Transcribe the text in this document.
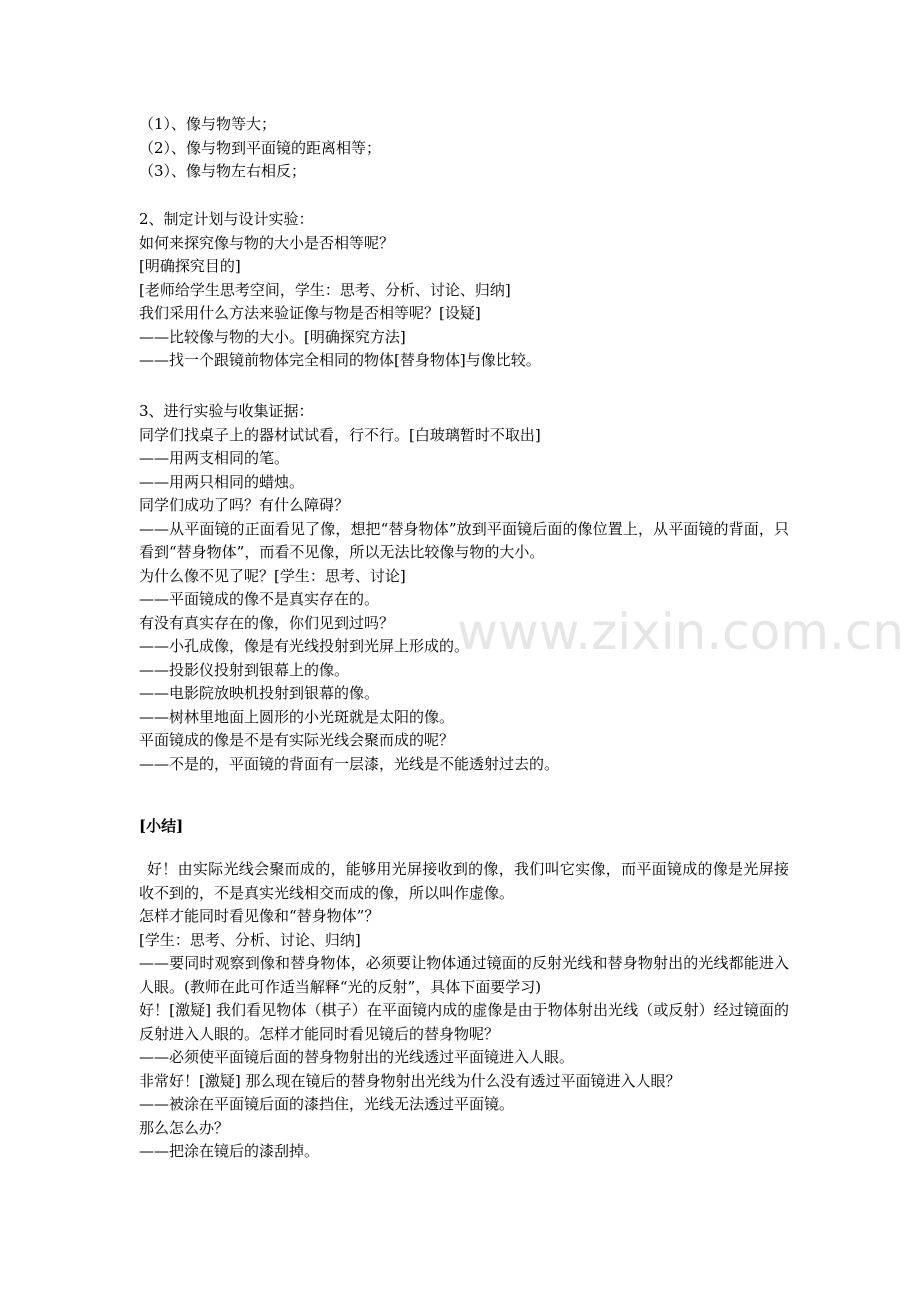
www.zixin.com.cn
（1）、像与物等大；
（2）、像与物到平面镜的距离相等；
（3）、像与物左右相反；
2、制定计划与设计实验：
如何来探究像与物的大小是否相等呢？
[明确探究目的]
[老师给学生思考空间，学生：思考、分析、讨论、归纳]
我们采用什么方法来验证像与物是否相等呢？[设疑]
——比较像与物的大小。[明确探究方法]
——找一个跟镜前物体完全相同的物体[替身物体]与像比较。
3、进行实验与收集证据：
同学们找桌子上的器材试试看，行不行。[白玻璃暂时不取出]
——用两支相同的笔。
——用两只相同的蜡烛。
同学们成功了吗？有什么障碍？
——从平面镜的正面看见了像，想把“替身物体”放到平面镜后面的像位置上，从平面镜的背面，只看到“替身物体”，而看不见像，所以无法比较像与物的大小。
为什么像不见了呢？[学生：思考、讨论]
——平面镜成的像不是真实存在的。
有没有真实存在的像，你们见到过吗？
——小孔成像，像是有光线投射到光屏上形成的。
——投影仪投射到银幕上的像。
——电影院放映机投射到银幕的像。
——树林里地面上圆形的小光斑就是太阳的像。
平面镜成的像是不是有实际光线会聚而成的呢？
——不是的，平面镜的背面有一层漆，光线是不能透射过去的。
[小结]
好！由实际光线会聚而成的，能够用光屏接收到的像，我们叫它实像，而平面镜成的像是光屏接收不到的，不是真实光线相交而成的像，所以叫作虚像。
怎样才能同时看见像和“替身物体”？
[学生：思考、分析、讨论、归纳]
——要同时观察到像和替身物体，必须要让物体通过镜面的反射光线和替身物射出的光线都能进入人眼。(教师在此可作适当解释“光的反射”，具体下面要学习)
好！[激疑] 我们看见物体（棋子）在平面镜内成的虚像是由于物体射出光线（或反射）经过镜面的反射进入人眼的。怎样才能同时看见镜后的替身物呢？
——必须使平面镜后面的替身物射出的光线透过平面镜进入人眼。
非常好！[激疑] 那么现在镜后的替身物射出光线为什么没有透过平面镜进入人眼？
——被涂在平面镜后面的漆挡住，光线无法透过平面镜。
那么怎么办？
——把涂在镜后的漆刮掉。
